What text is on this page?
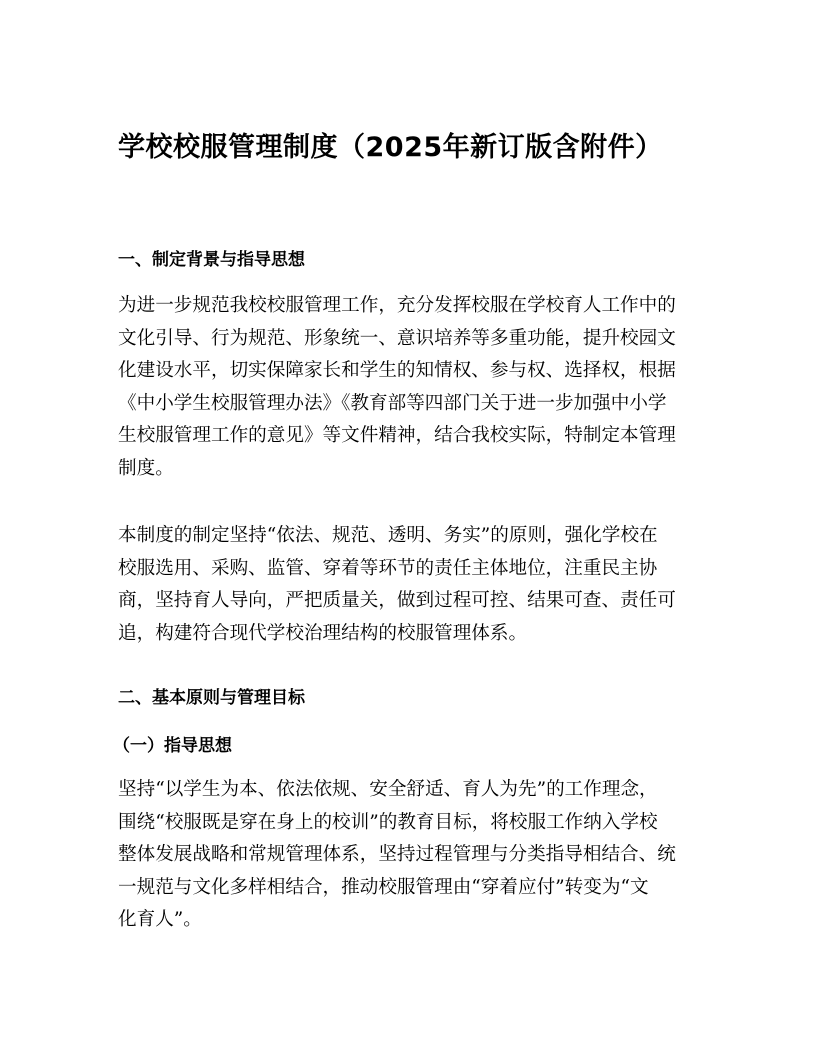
学校校服管理制度（2025年新订版含附件）
一、制定背景与指导思想
为进一步规范我校校服管理工作，充分发挥校服在学校育人工作中的
文化引导、行为规范、形象统一、意识培养等多重功能，提升校园文
化建设水平，切实保障家长和学生的知情权、参与权、选择权，根据
《中小学生校服管理办法》《教育部等四部门关于进一步加强中小学
生校服管理工作的意见》等文件精神，结合我校实际，特制定本管理
制度。
本制度的制定坚持“依法、规范、透明、务实”的原则，强化学校在
校服选用、采购、监管、穿着等环节的责任主体地位，注重民主协
商，坚持育人导向，严把质量关，做到过程可控、结果可查、责任可
追，构建符合现代学校治理结构的校服管理体系。
二、基本原则与管理目标
（一）指导思想
坚持“以学生为本、依法依规、安全舒适、育人为先”的工作理念，
围绕“校服既是穿在身上的校训”的教育目标，将校服工作纳入学校
整体发展战略和常规管理体系，坚持过程管理与分类指导相结合、统
一规范与文化多样相结合，推动校服管理由“穿着应付”转变为“文
化育人”。
